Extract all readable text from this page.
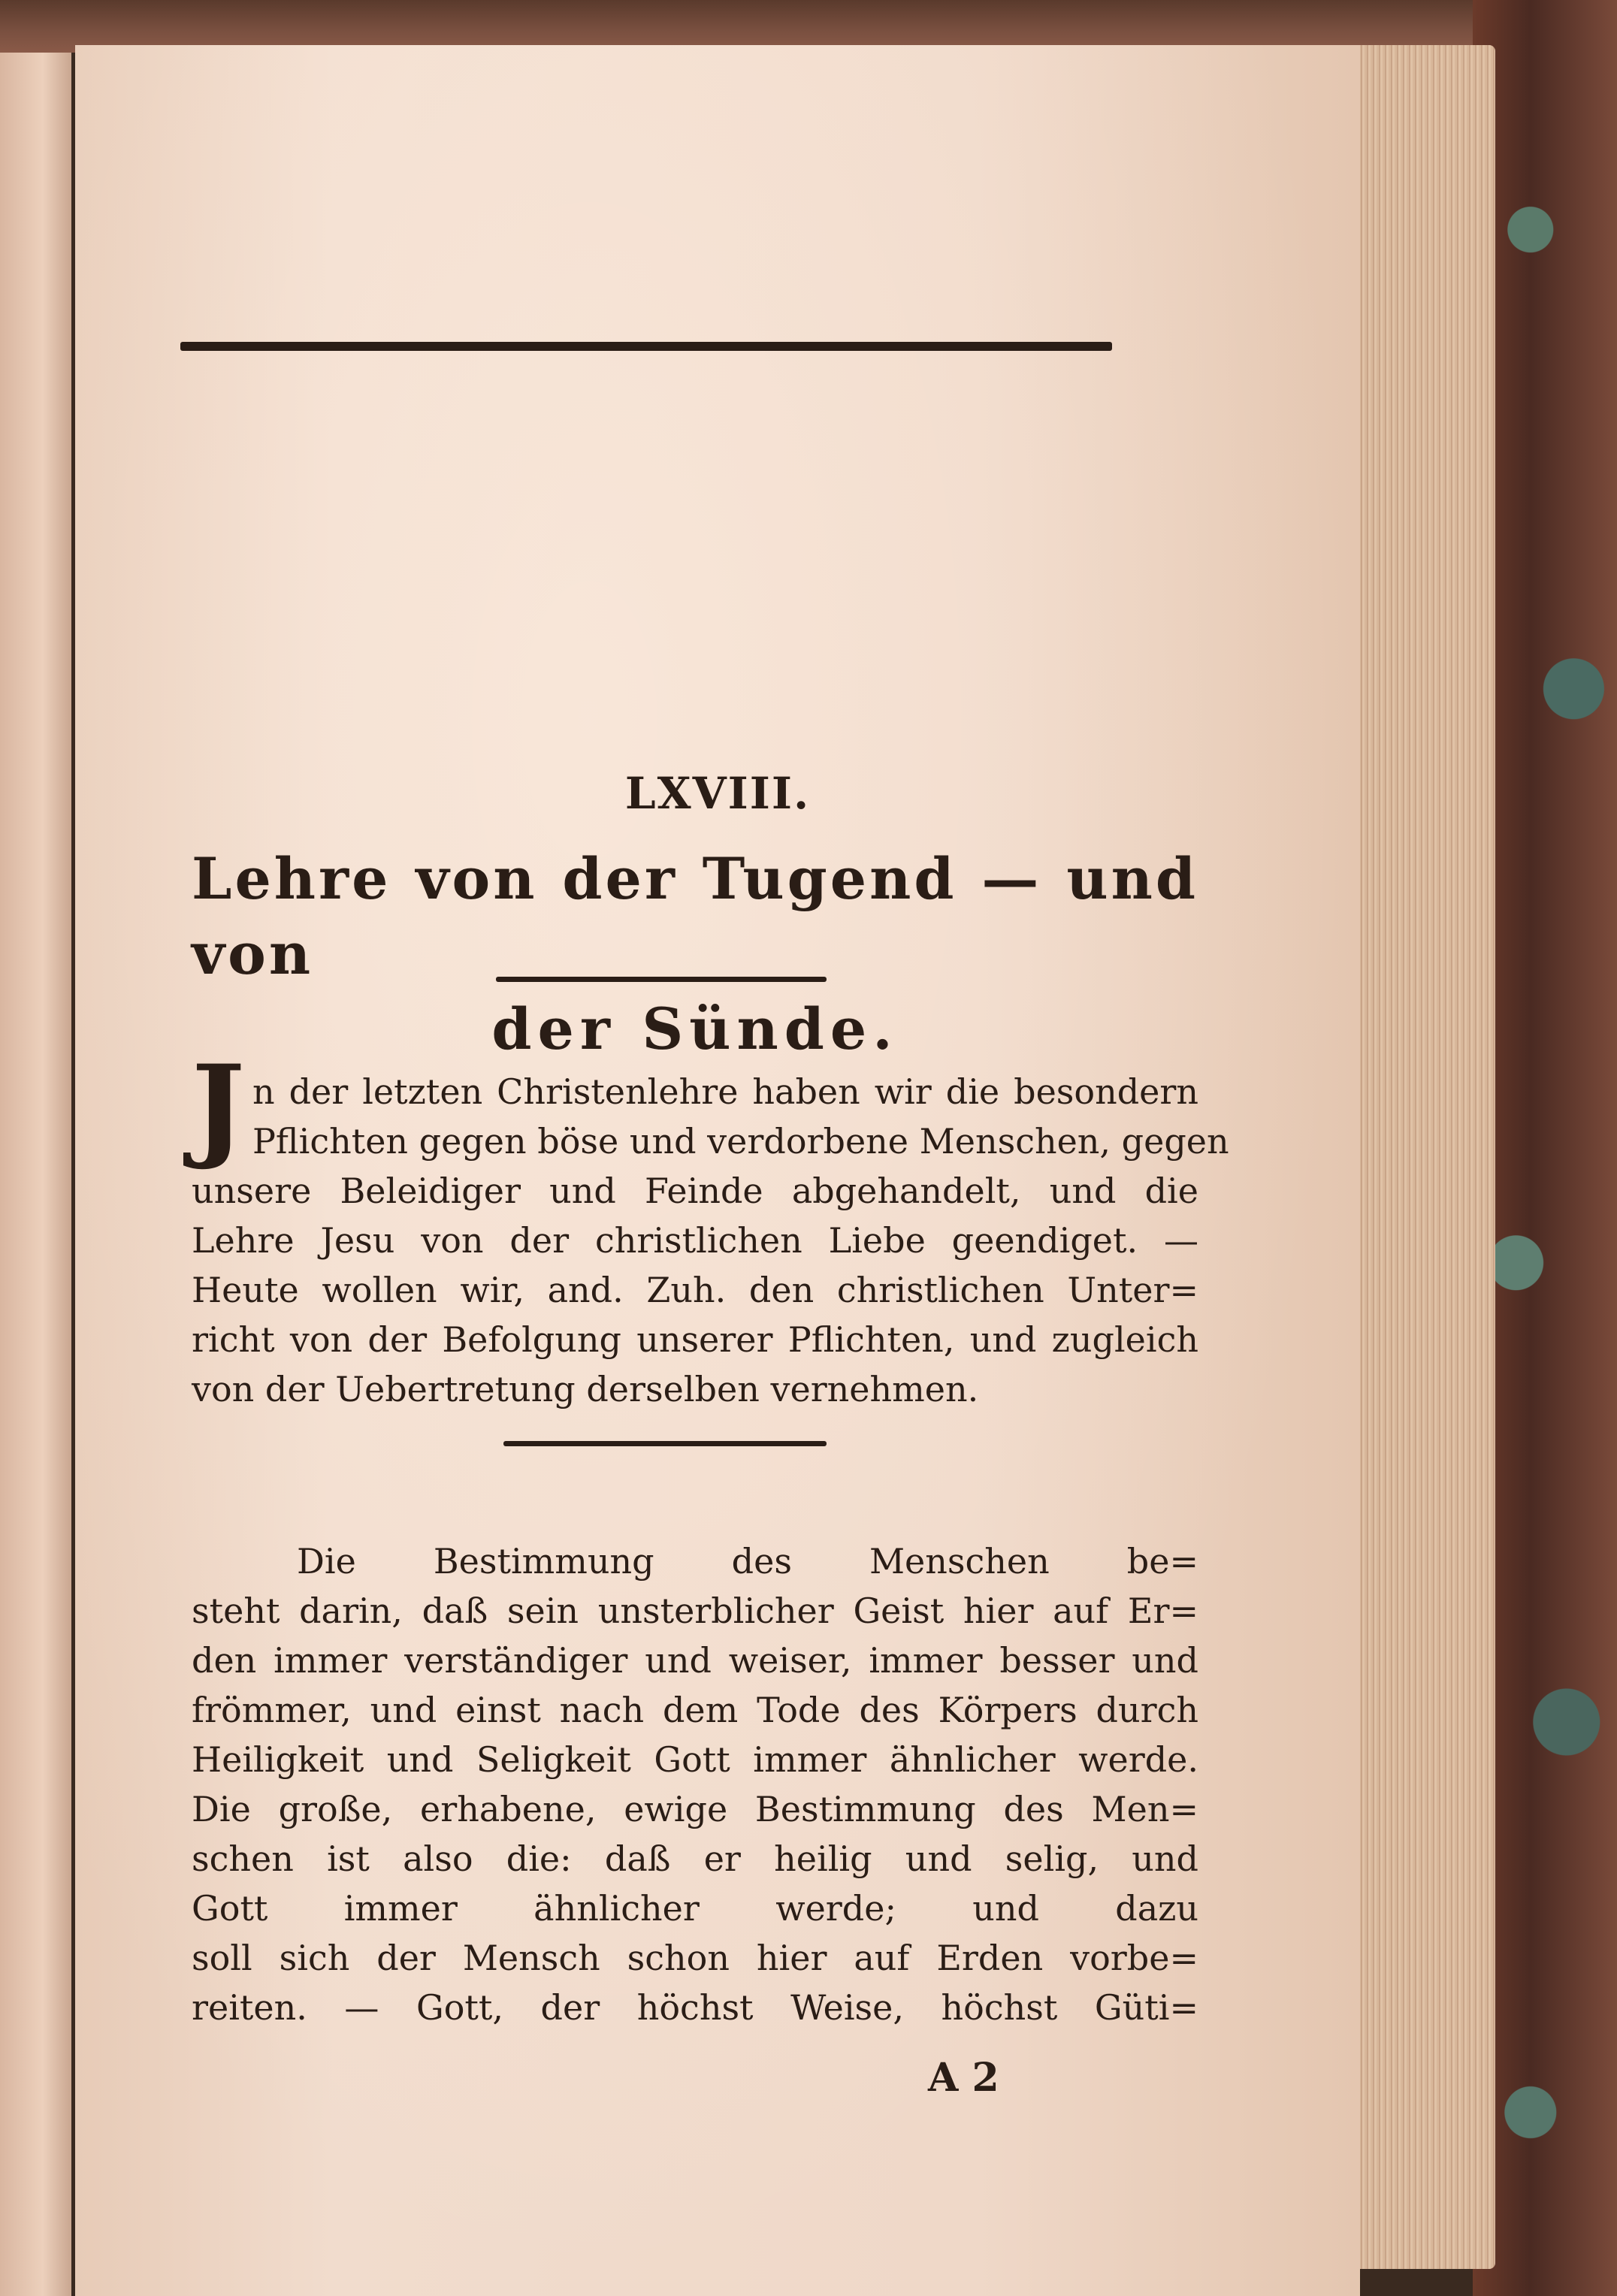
LXVIII.
Lehre von der Tugend — und von
der Sünde.
J n der letzten Christenlehre haben wir die besondern
Pflichten gegen böse und verdorbene Menschen, gegen
unsere Beleidiger und Feinde abgehandelt, und die
Lehre Jesu von der christlichen Liebe geendiget. —
Heute wollen wir, and. Zuh. den christlichen Unter=
richt von der Befolgung unserer Pflichten, und zugleich
von der Uebertretung derselben vernehmen.
Die Bestimmung des Menschen be=
steht darin, daß sein unsterblicher Geist hier auf Er=
den immer verständiger und weiser, immer besser und
frömmer, und einst nach dem Tode des Körpers durch
Heiligkeit und Seligkeit Gott immer ähnlicher werde.
Die große, erhabene, ewige Bestimmung des Men=
schen ist also die: daß er heilig und selig, und
Gott immer ähnlicher werde; und dazu
soll sich der Mensch schon hier auf Erden vorbe=
reiten. — Gott, der höchst Weise, höchst Güti=
A 2
